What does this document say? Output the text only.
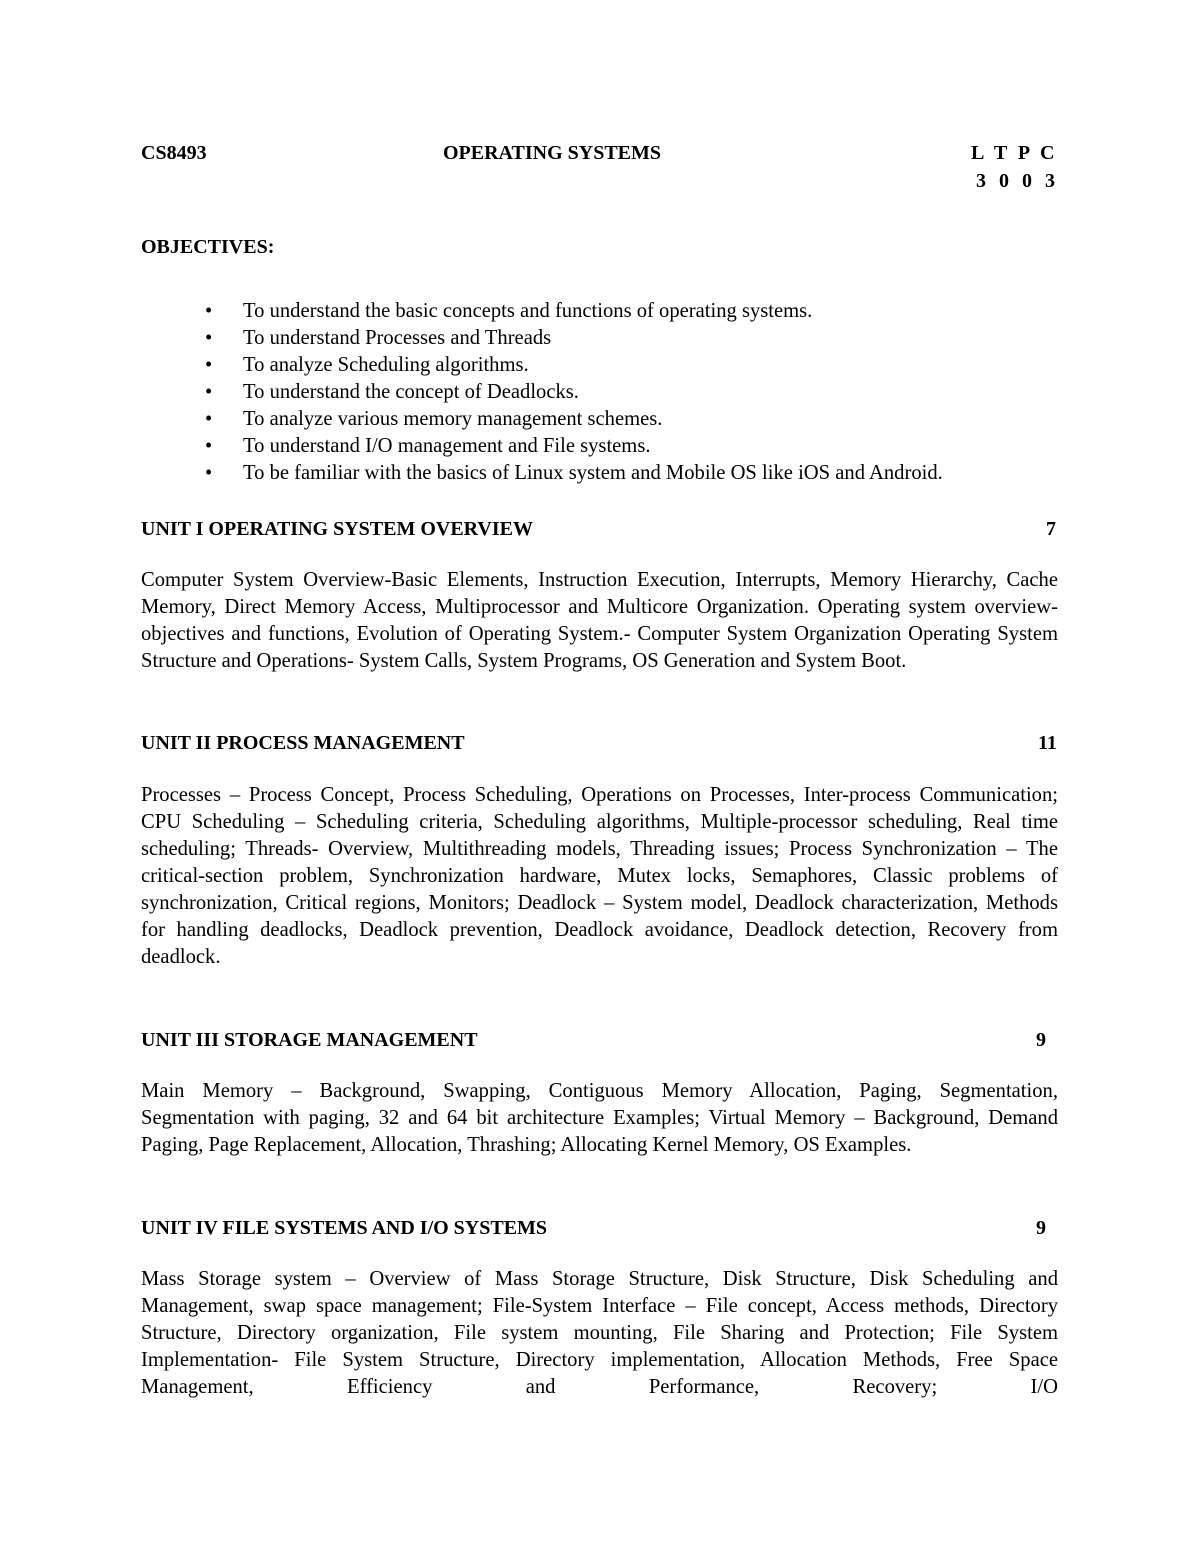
CS8493	OPERATING SYSTEMS	L T P C

3 0 0 3

OBJECTIVES:

• To understand the basic concepts and functions of operating systems.
• To understand Processes and Threads
• To analyze Scheduling algorithms.
• To understand the concept of Deadlocks.
• To analyze various memory management schemes.
• To understand I/O management and File systems.
• To be familiar with the basics of Linux system and Mobile OS like iOS and Android.

UNIT I OPERATING SYSTEM OVERVIEW	7

Computer System Overview-Basic Elements, Instruction Execution, Interrupts, Memory Hierarchy, Cache Memory, Direct Memory Access, Multiprocessor and Multicore Organization. Operating system overview-objectives and functions, Evolution of Operating System.- Computer System Organization Operating System Structure and Operations- System Calls, System Programs, OS Generation and System Boot.

UNIT II PROCESS MANAGEMENT	11

Processes – Process Concept, Process Scheduling, Operations on Processes, Inter-process Communication; CPU Scheduling – Scheduling criteria, Scheduling algorithms, Multiple-processor scheduling, Real time scheduling; Threads- Overview, Multithreading models, Threading issues; Process Synchronization – The critical-section problem, Synchronization hardware, Mutex locks, Semaphores, Classic problems of synchronization, Critical regions, Monitors; Deadlock – System model, Deadlock characterization, Methods for handling deadlocks, Deadlock prevention, Deadlock avoidance, Deadlock detection, Recovery from deadlock.

UNIT III STORAGE MANAGEMENT	9

Main Memory – Background, Swapping, Contiguous Memory Allocation, Paging, Segmentation, Segmentation with paging, 32 and 64 bit architecture Examples; Virtual Memory – Background, Demand Paging, Page Replacement, Allocation, Thrashing; Allocating Kernel Memory, OS Examples.

UNIT IV FILE SYSTEMS AND I/O SYSTEMS	9

Mass Storage system – Overview of Mass Storage Structure, Disk Structure, Disk Scheduling and Management, swap space management; File-System Interface – File concept, Access methods, Directory Structure, Directory organization, File system mounting, File Sharing and Protection; File System Implementation- File System Structure, Directory implementation, Allocation Methods, Free Space Management, Efficiency and Performance, Recovery; I/O
